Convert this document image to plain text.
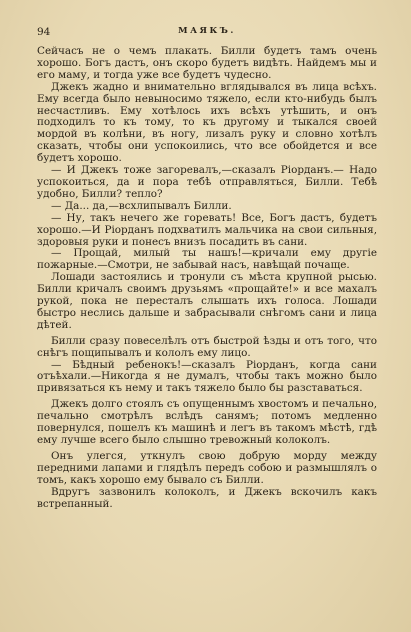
94	МАЯКЪ.

Сейчасъ не о чемъ плакать. Билли будетъ тамъ очень хорошо. Богъ дастъ, онъ скоро будетъ видѣть. Найдемъ мы и его маму, и тогда уже все будетъ чудесно.

Джекъ жадно и внимательно вглядывался въ лица всѣхъ. Ему всегда было невыносимо тяжело, если кто-нибудь былъ несчастливъ. Ему хотѣлось ихъ всѣхъ утѣшить, и онъ подходилъ то къ тому, то къ другому и тыкался своей мордой въ колѣни, въ ногу, лизалъ руку и словно хотѣлъ сказать, чтобы они успокоились, что все обойдется и все будетъ хорошо.

— И Джекъ тоже загоревалъ,—сказалъ Ріорданъ.— Надо успокоиться, да и пора тебѣ отправляться, Билли. Тебѣ удобно, Билли? тепло?

— Да... да,—всхлипывалъ Билли.

— Ну, такъ нечего же горевать! Все, Богъ дастъ, будетъ хорошо.—И Ріорданъ подхватилъ мальчика на свои сильныя, здоровыя руки и понесъ внизъ посадить въ сани.

— Прощай, милый ты нашъ!—кричали ему другіе пожарные.—Смотри, не забывай насъ, навѣщай почаще.

Лошади застоялись и тронули съ мѣста крупной рысью. Билли кричалъ своимъ друзьямъ «прощайте!» и все махалъ рукой, пока не пересталъ слышать ихъ голоса. Лошади быстро неслись дальше и забрасывали снѣгомъ сани и лица дѣтей.

Билли сразу повеселѣлъ отъ быстрой ѣзды и отъ того, что снѣгъ пощипывалъ и кололъ ему лицо.

— Бѣдный ребенокъ!—сказалъ Ріорданъ, когда сани отъѣхали.—Никогда я не думалъ, чтобы такъ можно было привязаться къ нему и такъ тяжело было бы разставаться.

Джекъ долго стоялъ съ опущеннымъ хвостомъ и печально, печально смотрѣлъ вслѣдъ санямъ; потомъ медленно повернулся, пошелъ къ машинѣ и легъ въ такомъ мѣстѣ, гдѣ ему лучше всего было слышно тревожный колоколъ.

Онъ улегся, уткнулъ свою добрую морду между передними лапами и глядѣлъ передъ собою и размышлялъ о томъ, какъ хорошо ему бывало съ Билли.

Вдругъ зазвонилъ колоколъ, и Джекъ вскочилъ какъ встрепанный.
